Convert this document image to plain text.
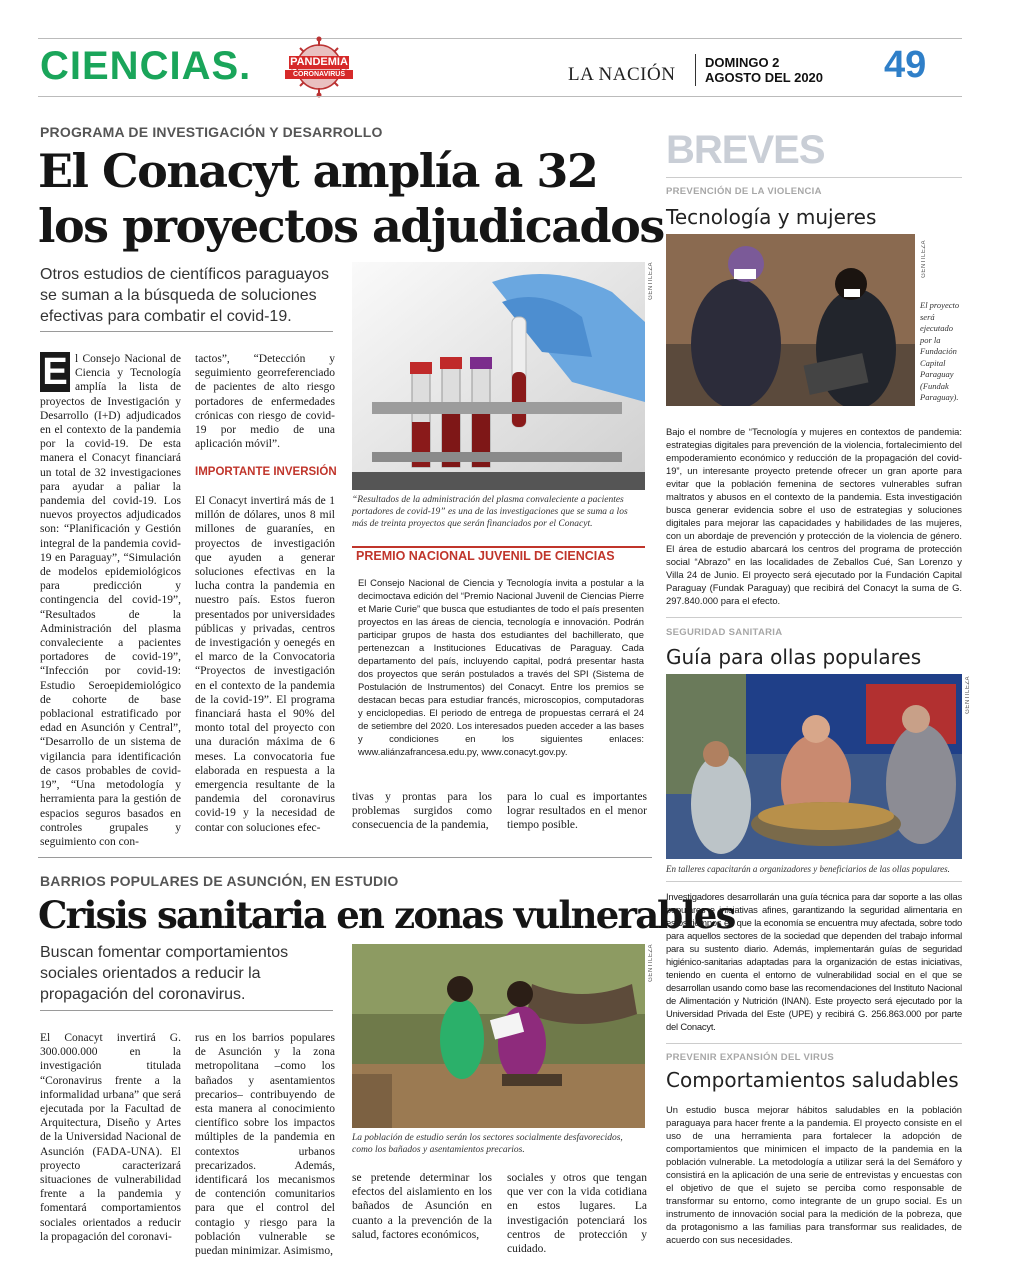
CIENCIAS.	PANDEMIA
CORONAVIRUS	LA NACIÓN
DOMINGO 2
AGOSTO DEL 2020 49
PROGRAMA DE INVESTIGACIÓN Y DESARROLLO
El Conacyt amplía a 32
los proyectos adjudicados
Otros estudios de científicos paraguayos se suman a la búsqueda de soluciones efectivas para combatir el covid-19.
GENTILEZA
“Resultados de la administración del plasma convaleciente a pacientes portadores de covid-19” es una de las investigaciones que se suma a los más de treinta proyectos que serán financiados por el Conacyt.
E l Consejo Nacional de Ciencia y Tecnología amplía la lista de proyectos de Investigación y Desarrollo (I+D) adjudicados en el contexto de la pandemia por la covid-19. De esta manera el Conacyt financiará un total de 32 investigaciones para ayudar a paliar la pandemia del covid-19. Los nuevos proyectos adjudicados son: “Planificación y Gestión integral de la pandemia covid-19 en Paraguay”, “Simulación de modelos epidemiológicos para predicción y contingencia del covid-19”, “Resultados de la Administración del plasma convaleciente a pacientes portadores de covid-19”, “Infección por covid-19: Estudio Seroepidemiológico de cohorte de base poblacional estratificado por edad en Asunción y Central”, “Desarrollo de un sistema de vigilancia para identificación de casos probables de covid-19”, “Una metodología y herramienta para la gestión de espacios seguros basados en controles grupales y seguimiento con con-
tactos”, “Detección y seguimiento georreferenciado de pacientes de alto riesgo portadores de enfermedades crónicas con riesgo de covid-19 por medio de una aplicación móvil”.
IMPORTANTE INVERSIÓN
El Conacyt invertirá más de 1 millón de dólares, unos 8 mil millones de guaraníes, en proyectos de investigación que ayuden a generar soluciones efectivas en la lucha contra la pandemia en nuestro país. Estos fueron presentados por universidades públicas y privadas, centros de investigación y oenegés en el marco de la Convocatoria “Proyectos de investigación en el contexto de la pandemia de la covid-19”. El programa financiará hasta el 90% del monto total del proyecto con una duración máxima de 6 meses. La convocatoria fue elaborada en respuesta a la emergencia resultante de la pandemia del coronavirus covid-19 y la necesidad de contar con soluciones efec-
PREMIO NACIONAL JUVENIL DE CIENCIAS
El Consejo Nacional de Ciencia y Tecnología invita a postular a la decimoctava edición del “Premio Nacional Juvenil de Ciencias Pierre et Marie Curie” que busca que estudiantes de todo el país presenten proyectos en las áreas de ciencia, tecnología e innovación. Podrán participar grupos de hasta dos estudiantes del bachillerato, que pertenezcan a Instituciones Educativas de Paraguay. Cada departamento del país, incluyendo capital, podrá presentar hasta dos proyectos que serán postulados a través del SPI (Sistema de Postulación de Instrumentos) del Conacyt. Entre los premios se destacan becas para estudiar francés, microscopios, computadoras y enciclopedias. El periodo de entrega de propuestas cerrará el 24 de setiembre del 2020. Los interesados pueden acceder a las bases y condiciones en los siguientes enlaces: www.aliánzafrancesa.edu.py, www.conacyt.gov.py.
tivas y prontas para los problemas surgidos como consecuencia de la pandemia,
para lo cual es importantes lograr resultados en el menor tiempo posible.
BARRIOS POPULARES DE ASUNCIÓN, EN ESTUDIO
Crisis sanitaria en zonas vulnerables
Buscan fomentar comportamientos sociales orientados a reducir la propagación del coronavirus.
GENTILEZA
La población de estudio serán los sectores socialmente desfavorecidos, como los bañados y asentamientos precarios.
El Conacyt invertirá G. 300.000.000 en la investigación titulada “Coronavirus frente a la informalidad urbana” que será ejecutada por la Facultad de Arquitectura, Diseño y Artes de la Universidad Nacional de Asunción (FADA-UNA). El proyecto caracterizará situaciones de vulnerabilidad frente a la pandemia y fomentará comportamientos sociales orientados a reducir la propagación del coronavi-
rus en los barrios populares de Asunción y la zona metropolitana –como los bañados y asentamientos precarios– contribuyendo de esta manera al conocimiento científico sobre los impactos múltiples de la pandemia en contextos urbanos precarizados. Además, identificará los mecanismos de contención comunitarios para que el control del contagio y riesgo para la población vulnerable se puedan minimizar. Asimismo,
se pretende determinar los efectos del aislamiento en los bañados de Asunción en cuanto a la prevención de la salud, factores económicos,
sociales y otros que tengan que ver con la vida cotidiana en estos lugares. La investigación potenciará los centros de protección y cuidado.
BREVES
PREVENCIÓN DE LA VIOLENCIA
Tecnología y mujeres
GENTILEZA
El proyecto será ejecutado por la Fundación Capital Paraguay (Fundak Paraguay).
Bajo el nombre de “Tecnología y mujeres en contextos de pandemia: estrategias digitales para prevención de la violencia, fortalecimiento del empoderamiento económico y reducción de la propagación del covid-19”, un interesante proyecto pretende ofrecer un gran aporte para evitar que la población femenina de sectores vulnerables sufran maltratos y abusos en el contexto de la pandemia. Esta investigación busca generar evidencia sobre el uso de estrategias y soluciones digitales para mejorar las capacidades y habilidades de las mujeres, con un abordaje de prevención y protección de la violencia de género. El área de estudio abarcará los centros del programa de protección social “Abrazo” en las localidades de Zeballos Cué, San Lorenzo y Villa 24 de Junio. El proyecto será ejecutado por la Fundación Capital Paraguay (Fundak Paraguay) que recibirá del Conacyt la suma de G. 297.840.000 para el efecto.
SEGURIDAD SANITARIA
Guía para ollas populares
GENTILEZA
En talleres capacitarán a organizadores y beneficiarios de las ollas populares.
Investigadores desarrollarán una guía técnica para dar soporte a las ollas populares e iniciativas afines, garantizando la seguridad alimentaria en estos tiempos en que la economía se encuentra muy afectada, sobre todo para aquellos sectores de la sociedad que dependen del trabajo informal para su sustento diario. Además, implementarán guías de seguridad higiénico-sanitarias adaptadas para la organización de estas iniciativas, teniendo en cuenta el entorno de vulnerabilidad social en el que se desarrollan usando como base las recomendaciones del Instituto Nacional de Alimentación y Nutrición (INAN). Este proyecto será ejecutado por la Universidad Privada del Este (UPE) y recibirá G. 256.863.000 por parte del Conacyt.
PREVENIR EXPANSIÓN DEL VIRUS
Comportamientos saludables
Un estudio busca mejorar hábitos saludables en la población paraguaya para hacer frente a la pandemia. El proyecto consiste en el uso de una herramienta para fortalecer la adopción de comportamientos que minimicen el impacto de la pandemia en la población vulnerable. La metodología a utilizar será la del Semáforo y consistirá en la aplicación de una serie de entrevistas y encuestas con el objetivo de que el sujeto se perciba como responsable de transformar su entorno, como integrante de un grupo social. Es un instrumento de innovación social para la medición de la pobreza, que da protagonismo a las familias para transformar sus realidades, de acuerdo con sus necesidades.
